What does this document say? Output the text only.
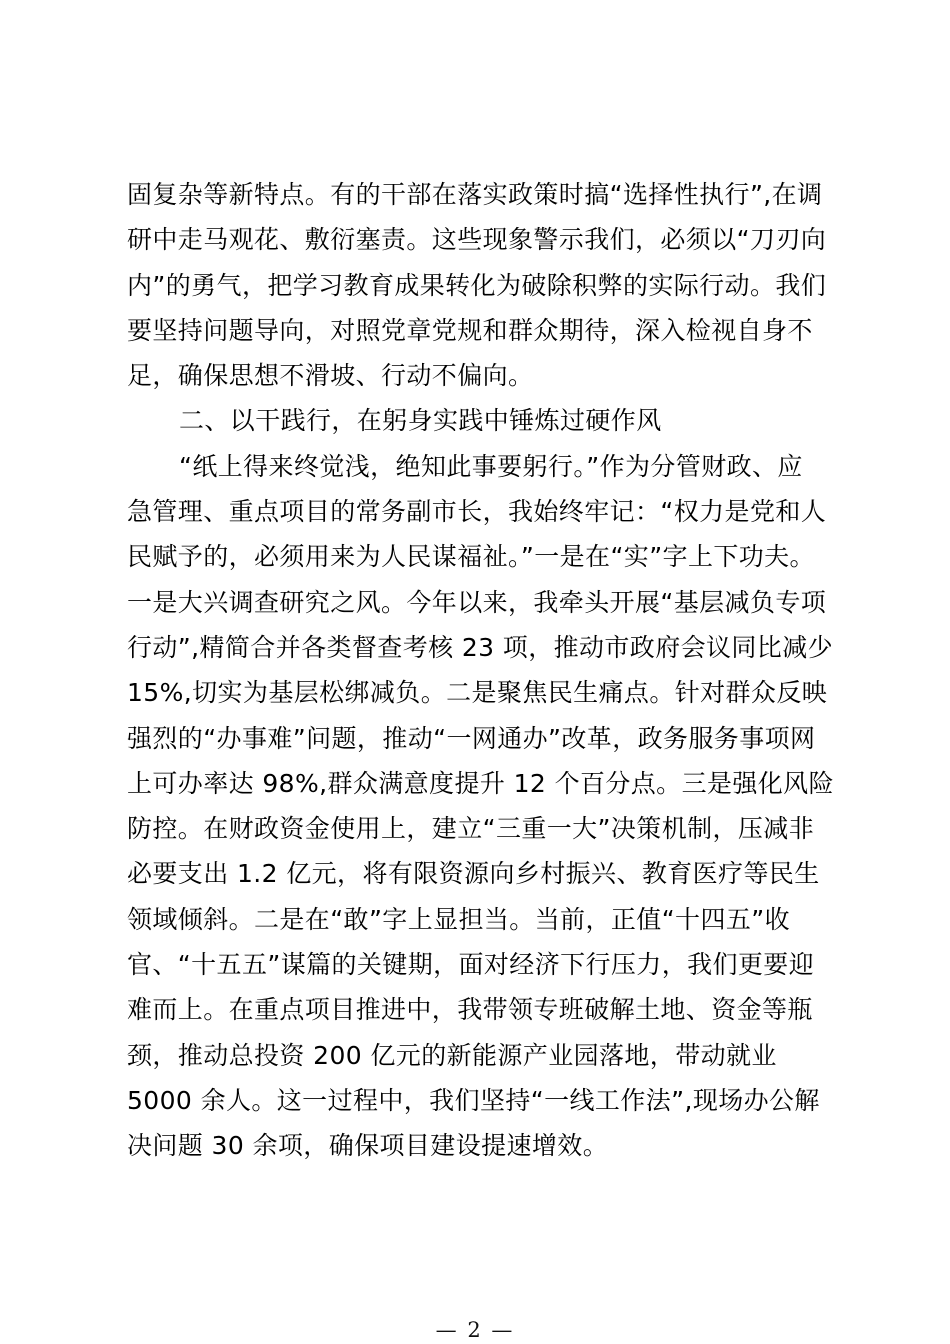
固复杂等新特点。有的干部在落实政策时搞“选择性执行”,在调
研中走马观花、敷衍塞责。这些现象警示我们，必须以“刀刃向
内”的勇气，把学习教育成果转化为破除积弊的实际行动。我们
要坚持问题导向，对照党章党规和群众期待，深入检视自身不
足，确保思想不滑坡、行动不偏向。
二、以干践行，在躬身实践中锤炼过硬作风
“纸上得来终觉浅，绝知此事要躬行。”作为分管财政、应
急管理、重点项目的常务副市长，我始终牢记：“权力是党和人
民赋予的，必须用来为人民谋福祉。”一是在“实”字上下功夫。
一是大兴调查研究之风。今年以来，我牵头开展“基层减负专项
行动”,精简合并各类督查考核 23 项，推动市政府会议同比减少
15%,切实为基层松绑减负。二是聚焦民生痛点。针对群众反映
强烈的“办事难”问题，推动“一网通办”改革，政务服务事项网
上可办率达 98%,群众满意度提升 12 个百分点。三是强化风险
防控。在财政资金使用上，建立“三重一大”决策机制，压减非
必要支出 1.2 亿元，将有限资源向乡村振兴、教育医疗等民生
领域倾斜。二是在“敢”字上显担当。当前，正值“十四五”收
官、“十五五”谋篇的关键期，面对经济下行压力，我们更要迎
难而上。在重点项目推进中，我带领专班破解土地、资金等瓶
颈，推动总投资 200 亿元的新能源产业园落地，带动就业
5000 余人。这一过程中，我们坚持“一线工作法”,现场办公解
决问题 30 余项，确保项目建设提速增效。
— 2 —
